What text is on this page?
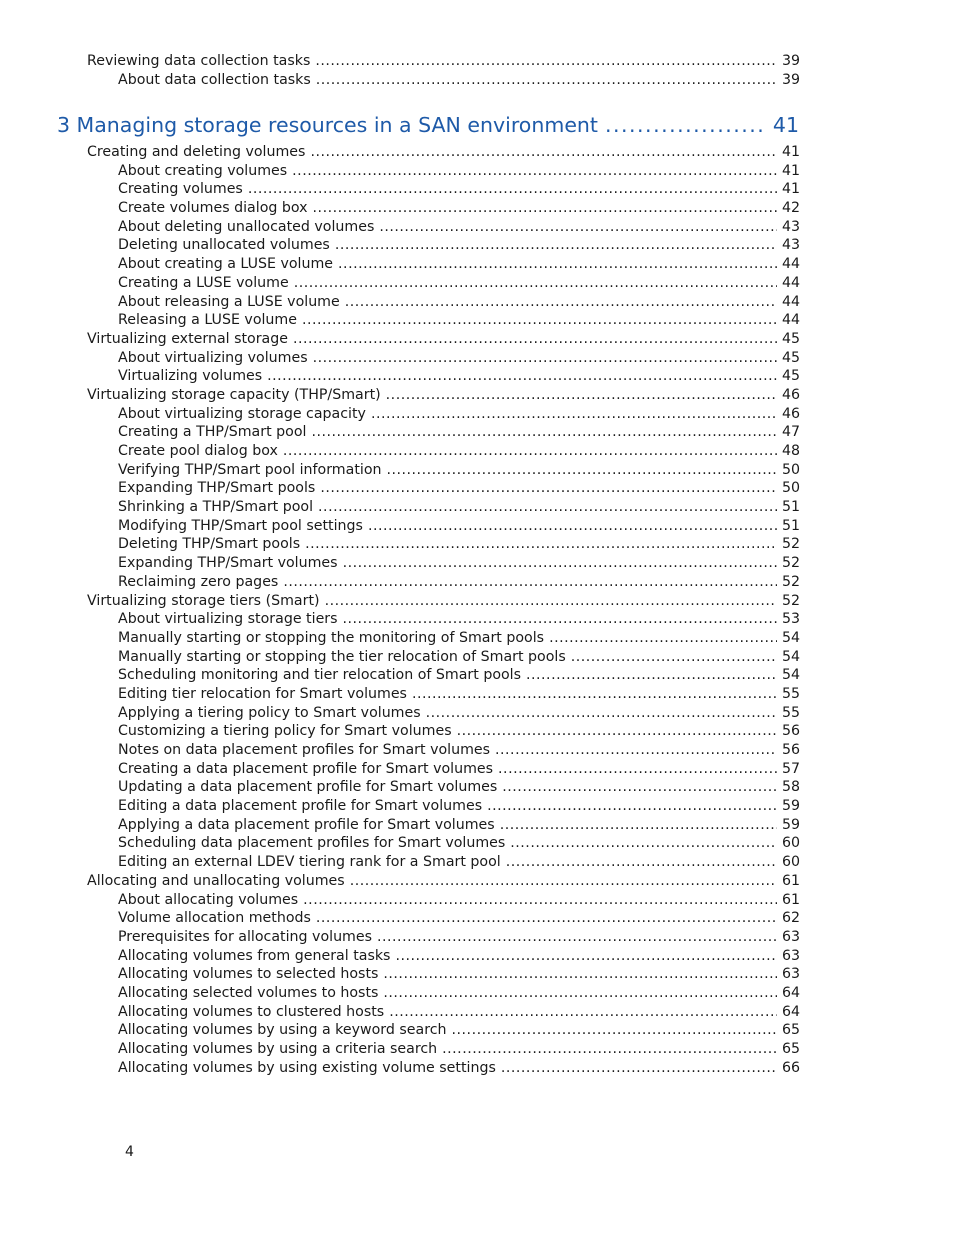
Reviewing data collection tasks .....	39
About data collection tasks .....	39
3 Managing storage resources in a SAN environment .....	41
Creating and deleting volumes .....	41
About creating volumes .....	41
Creating volumes .....	41
Create volumes dialog box .....	42
About deleting unallocated volumes .....	43
Deleting unallocated volumes .....	43
About creating a LUSE volume .....	44
Creating a LUSE volume .....	44
About releasing a LUSE volume .....	44
Releasing a LUSE volume .....	44
Virtualizing external storage .....	45
About virtualizing volumes .....	45
Virtualizing volumes .....	45
Virtualizing storage capacity (THP/Smart) .....	46
About virtualizing storage capacity .....	46
Creating a THP/Smart pool .....	47
Create pool dialog box .....	48
Verifying THP/Smart pool information .....	50
Expanding THP/Smart pools .....	50
Shrinking a THP/Smart pool .....	51
Modifying THP/Smart pool settings .....	51
Deleting THP/Smart pools .....	52
Expanding THP/Smart volumes .....	52
Reclaiming zero pages .....	52
Virtualizing storage tiers (Smart) .....	52
About virtualizing storage tiers .....	53
Manually starting or stopping the monitoring of Smart pools .....	54
Manually starting or stopping the tier relocation of Smart pools .....	54
Scheduling monitoring and tier relocation of Smart pools .....	54
Editing tier relocation for Smart volumes .....	55
Applying a tiering policy to Smart volumes .....	55
Customizing a tiering policy for Smart volumes .....	56
Notes on data placement profiles for Smart volumes .....	56
Creating a data placement profile for Smart volumes .....	57
Updating a data placement profile for Smart volumes .....	58
Editing a data placement profile for Smart volumes .....	59
Applying a data placement profile for Smart volumes .....	59
Scheduling data placement profiles for Smart volumes .....	60
Editing an external LDEV tiering rank for a Smart pool .....	60
Allocating and unallocating volumes .....	61
About allocating volumes .....	61
Volume allocation methods .....	62
Prerequisites for allocating volumes .....	63
Allocating volumes from general tasks .....	63
Allocating volumes to selected hosts .....	63
Allocating selected volumes to hosts .....	64
Allocating volumes to clustered hosts .....	64
Allocating volumes by using a keyword search .....	65
Allocating volumes by using a criteria search .....	65
Allocating volumes by using existing volume settings .....	66
4
